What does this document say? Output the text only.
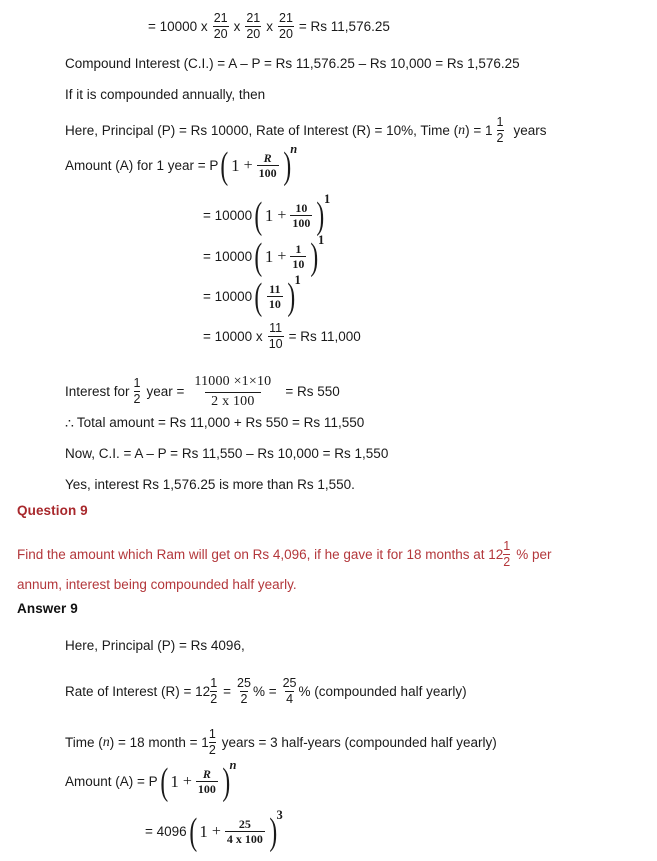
= 10000 x $\frac{21}{20}$ x $\frac{21}{20}$ x $\frac{21}{20} = Rs$ 11,576.25
Compound Interest (C.I.) = A – P = Rs 11,576.25 – Rs 10,000 = Rs 1,576.25
If it is compounded annually, then
Here, Principal (P) = Rs 10000, Rate of Interest (R) = 10%, Time ( n ) = $1 \frac{1}{2}$ years
Amount (A) for 1 year = P ( $1 + \frac{R}{100}$ ) n
= 10000 ( $1 + \frac{10}{100}$ ) 1
= 10000 ( $1 + \frac{1}{10}$ ) 1
= 10000 ( $\frac{11}{10}$ ) 1
= 10000 x $\frac{11}{10} = Rs$ 11,000
Interest for $\frac{1}{2}$ year = $\frac{11000 \times 1\times 10}{2 x 100} = Rs$ 550
∴ Total amount = Rs 11,000 + Rs 550 = Rs 11,550
Now, C.I. = A – P = Rs 11,550 – Rs 10,000 = Rs 1,550
Yes, interest Rs 1,576.25 is more than Rs 1,550.
Question 9
Find the amount which Ram will get on Rs 4,096, if he gave it for 18 months at $12 \frac{1}{2}$ % per
annum, interest being compounded half yearly.
Answer 9
Here, Principal (P) = Rs 4096,
Rate of Interest $(R) = 12 \frac{1}{2} = \frac{25}{2}$ % = $\frac{25}{4}$ % (compounded half yearly)
Time ( n ) = 18 month = $1 \frac{1}{2}$ years = 3 half-years (compounded half yearly)
Amount (A) = P ( $1 + \frac{R}{100}$ ) n
= 4096 ( $1 + \frac{25}{4 x 100}$ ) 3
